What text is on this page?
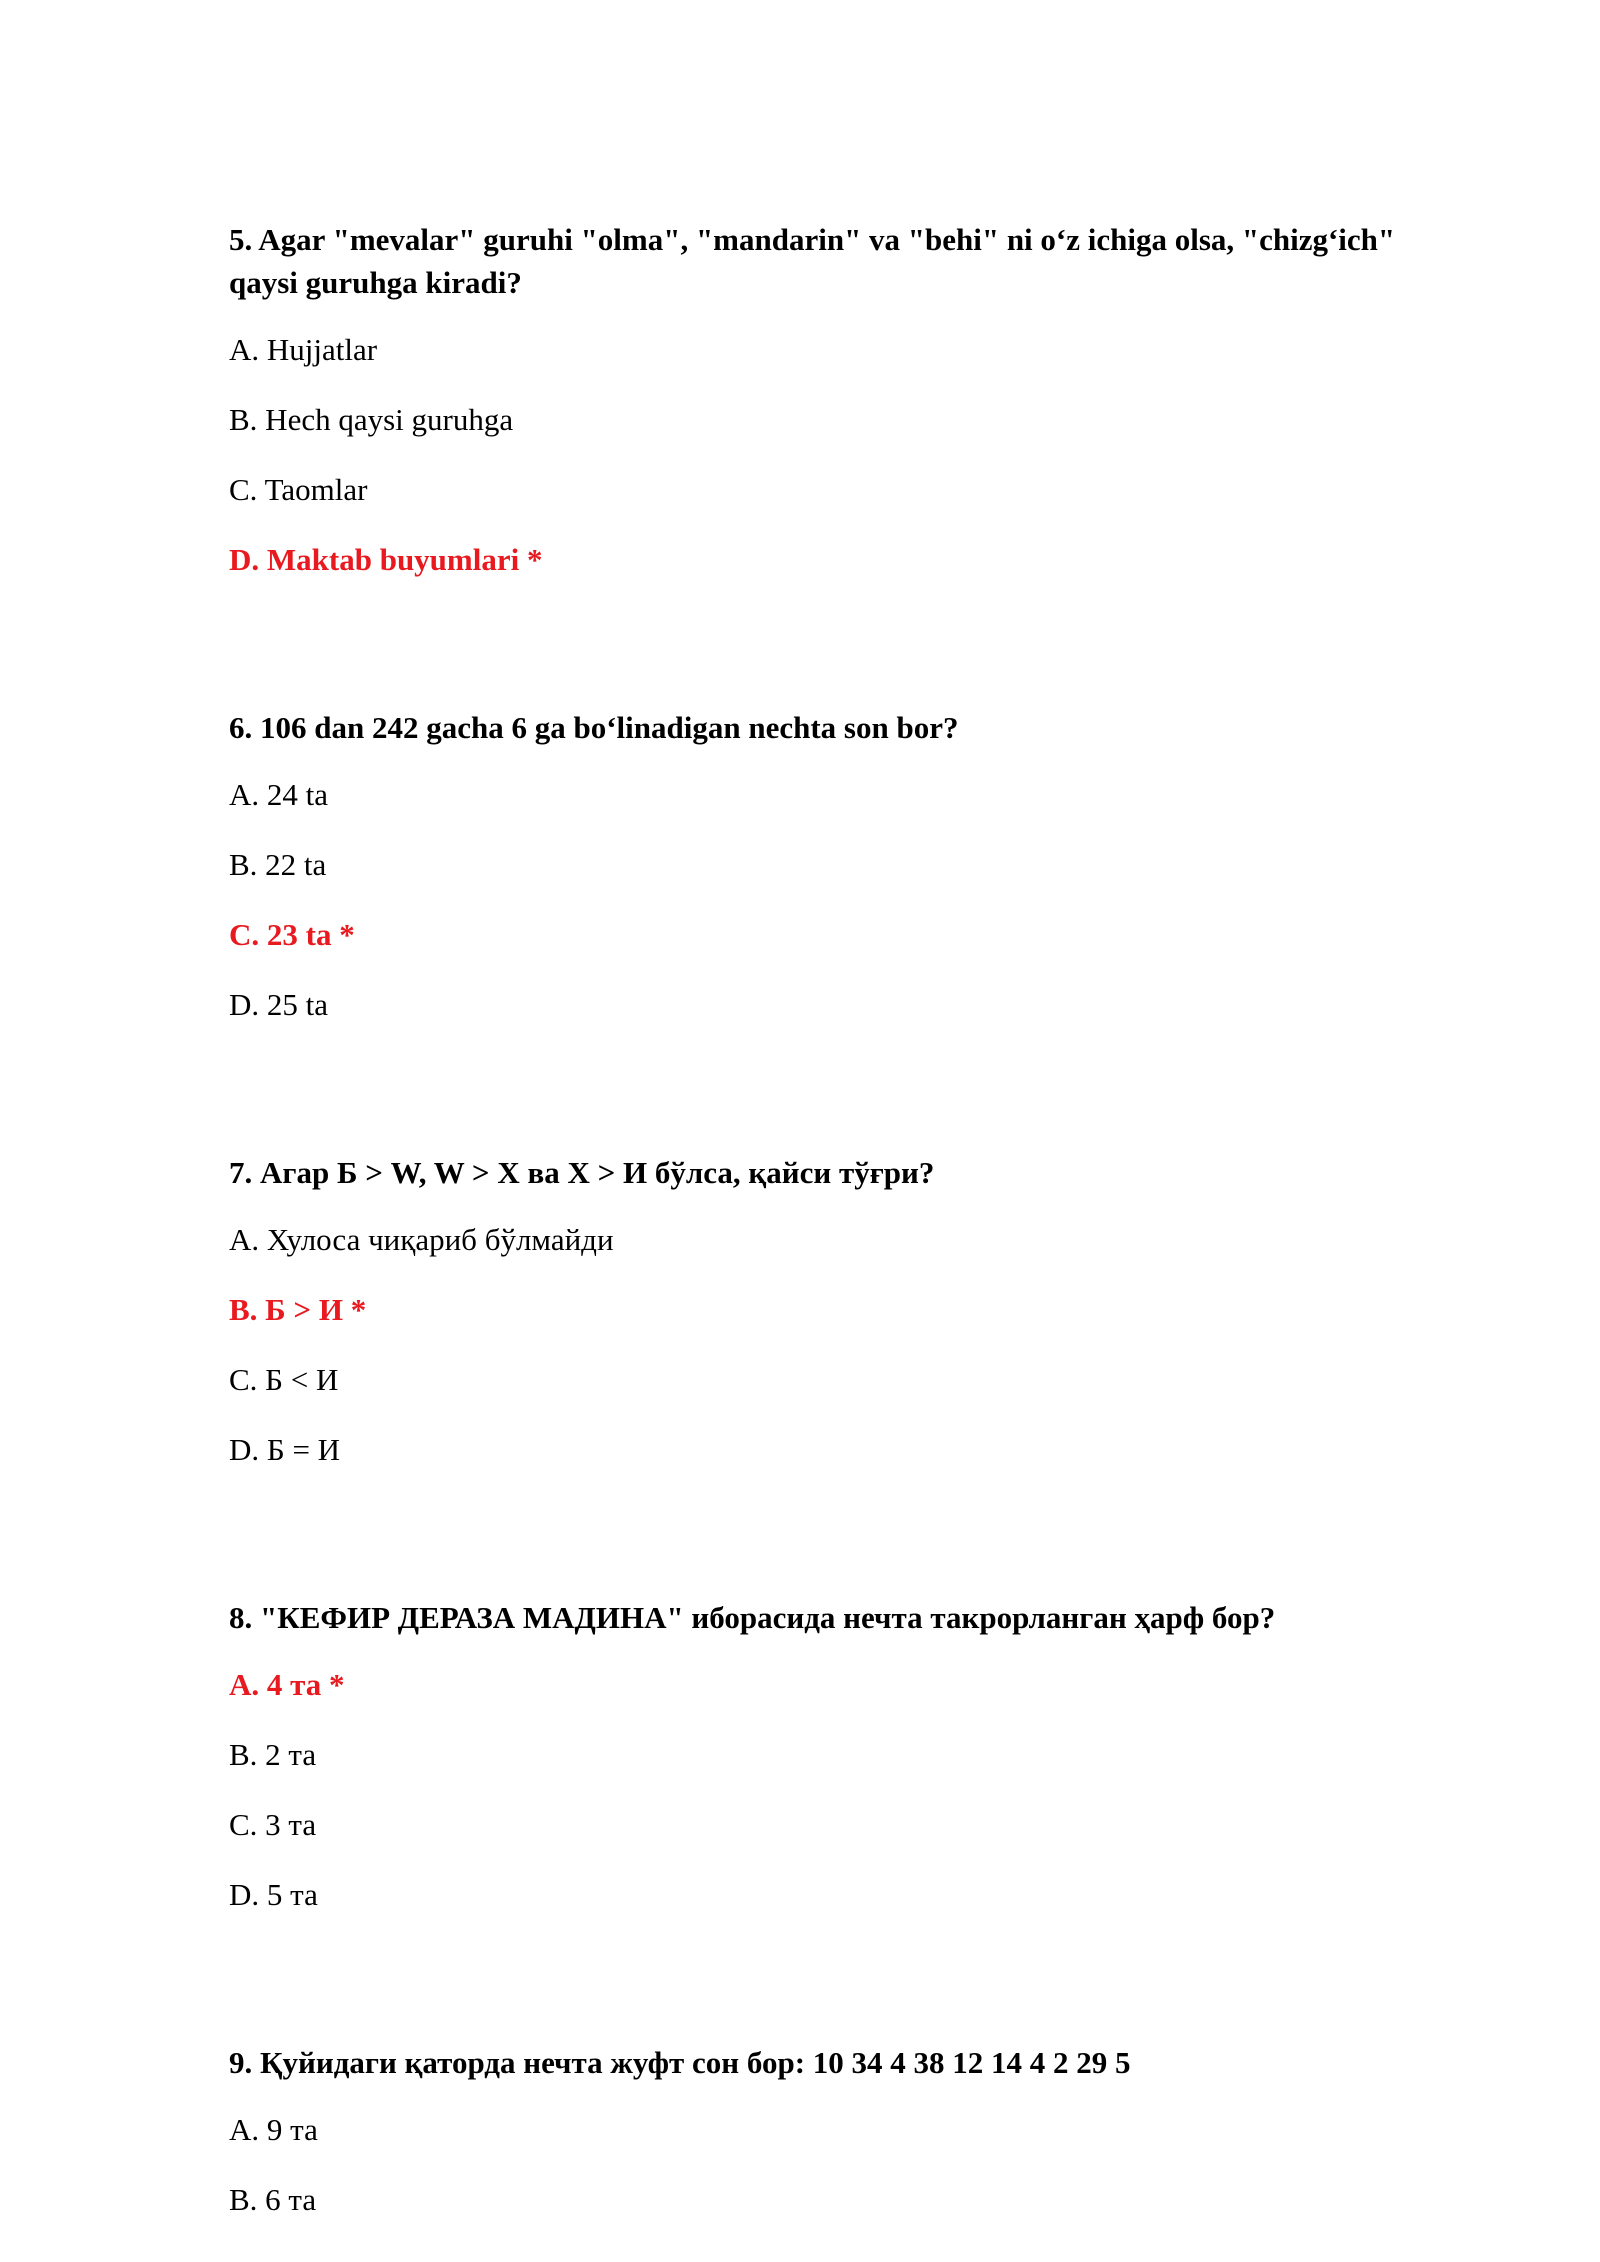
5. Agar "mevalar" guruhi "olma", "mandarin" va "behi" ni o‘z ichiga olsa, "chizg‘ich" qaysi guruhga kiradi?

A. Hujjatlar

B. Hech qaysi guruhga

C. Taomlar

D. Maktab buyumlari *

6. 106 dan 242 gacha 6 ga bo‘linadigan nechta son bor?

A. 24 ta

B. 22 ta

C. 23 ta *

D. 25 ta

7. Агар Б > W, W > X ва X > И бўлса, қайси тўғри?

A. Хулоса чиқариб бўлмайди

B. Б > И *

C. Б < И

D. Б = И

8. "КЕФИР ДЕРАЗА МАДИНА" иборасида нечта такрорланган ҳарф бор?

A. 4 та *

B. 2 та

C. 3 та

D. 5 та

9. Қуйидаги қаторда нечта жуфт сон бор: 10 34 4 38 12 14 4 2 29 5

A. 9 та

B. 6 та
